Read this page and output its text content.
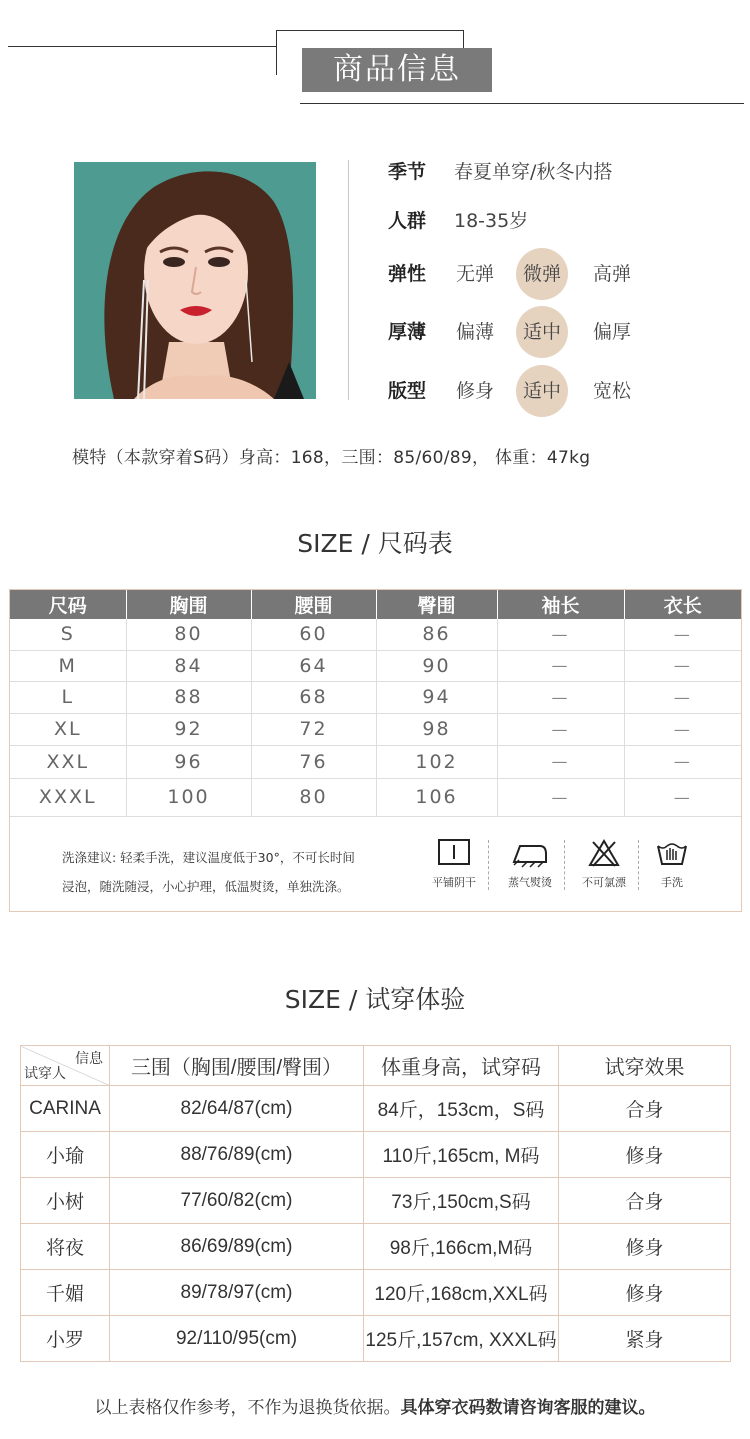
商品信息
季节	春夏单穿/秋冬内搭
人群	18-35岁
弹性	无弹	微弹	高弹
厚薄	偏薄	适中	偏厚
版型	修身	适中	宽松
模特（本款穿着S码）身高：168，三围：85/60/89， 体重：47kg
SIZE / 尺码表
尺码	胸围	腰围	臀围	袖长	衣长
S	80	60	86	—	—
M	84	64	90	—	—
L	88	68	94	—	—
XL	92	72	98	—	—
XXL	96	76	102	—	—
XXXL	100	80	106	—	—
洗涤建议: 轻柔手洗，建议温度低于30°，不可长时间
浸泡，随洗随浸，小心护理，低温熨烫，单独洗涤。	平铺阴干	蒸气熨烫	不可氯漂	手洗
SIZE / 试穿体验
信息
试穿人	三围（胸围/腰围/臀围）	体重身高，试穿码	试穿效果
CARINA	82/64/87(cm)	84斤，153cm，S码	合身
小瑜	88/76/89(cm)	110斤,165cm, M码	修身
小树	77/60/82(cm)	73斤,150cm,S码	合身
将夜	86/69/89(cm)	98斤,166cm,M码	修身
千媚	89/78/97(cm)	120斤,168cm,XXL码	修身
小罗	92/110/95(cm)	125斤,157cm, XXXL码	紧身
以上表格仅作参考，不作为退换货依据。具体穿衣码数请咨询客服的建议。
